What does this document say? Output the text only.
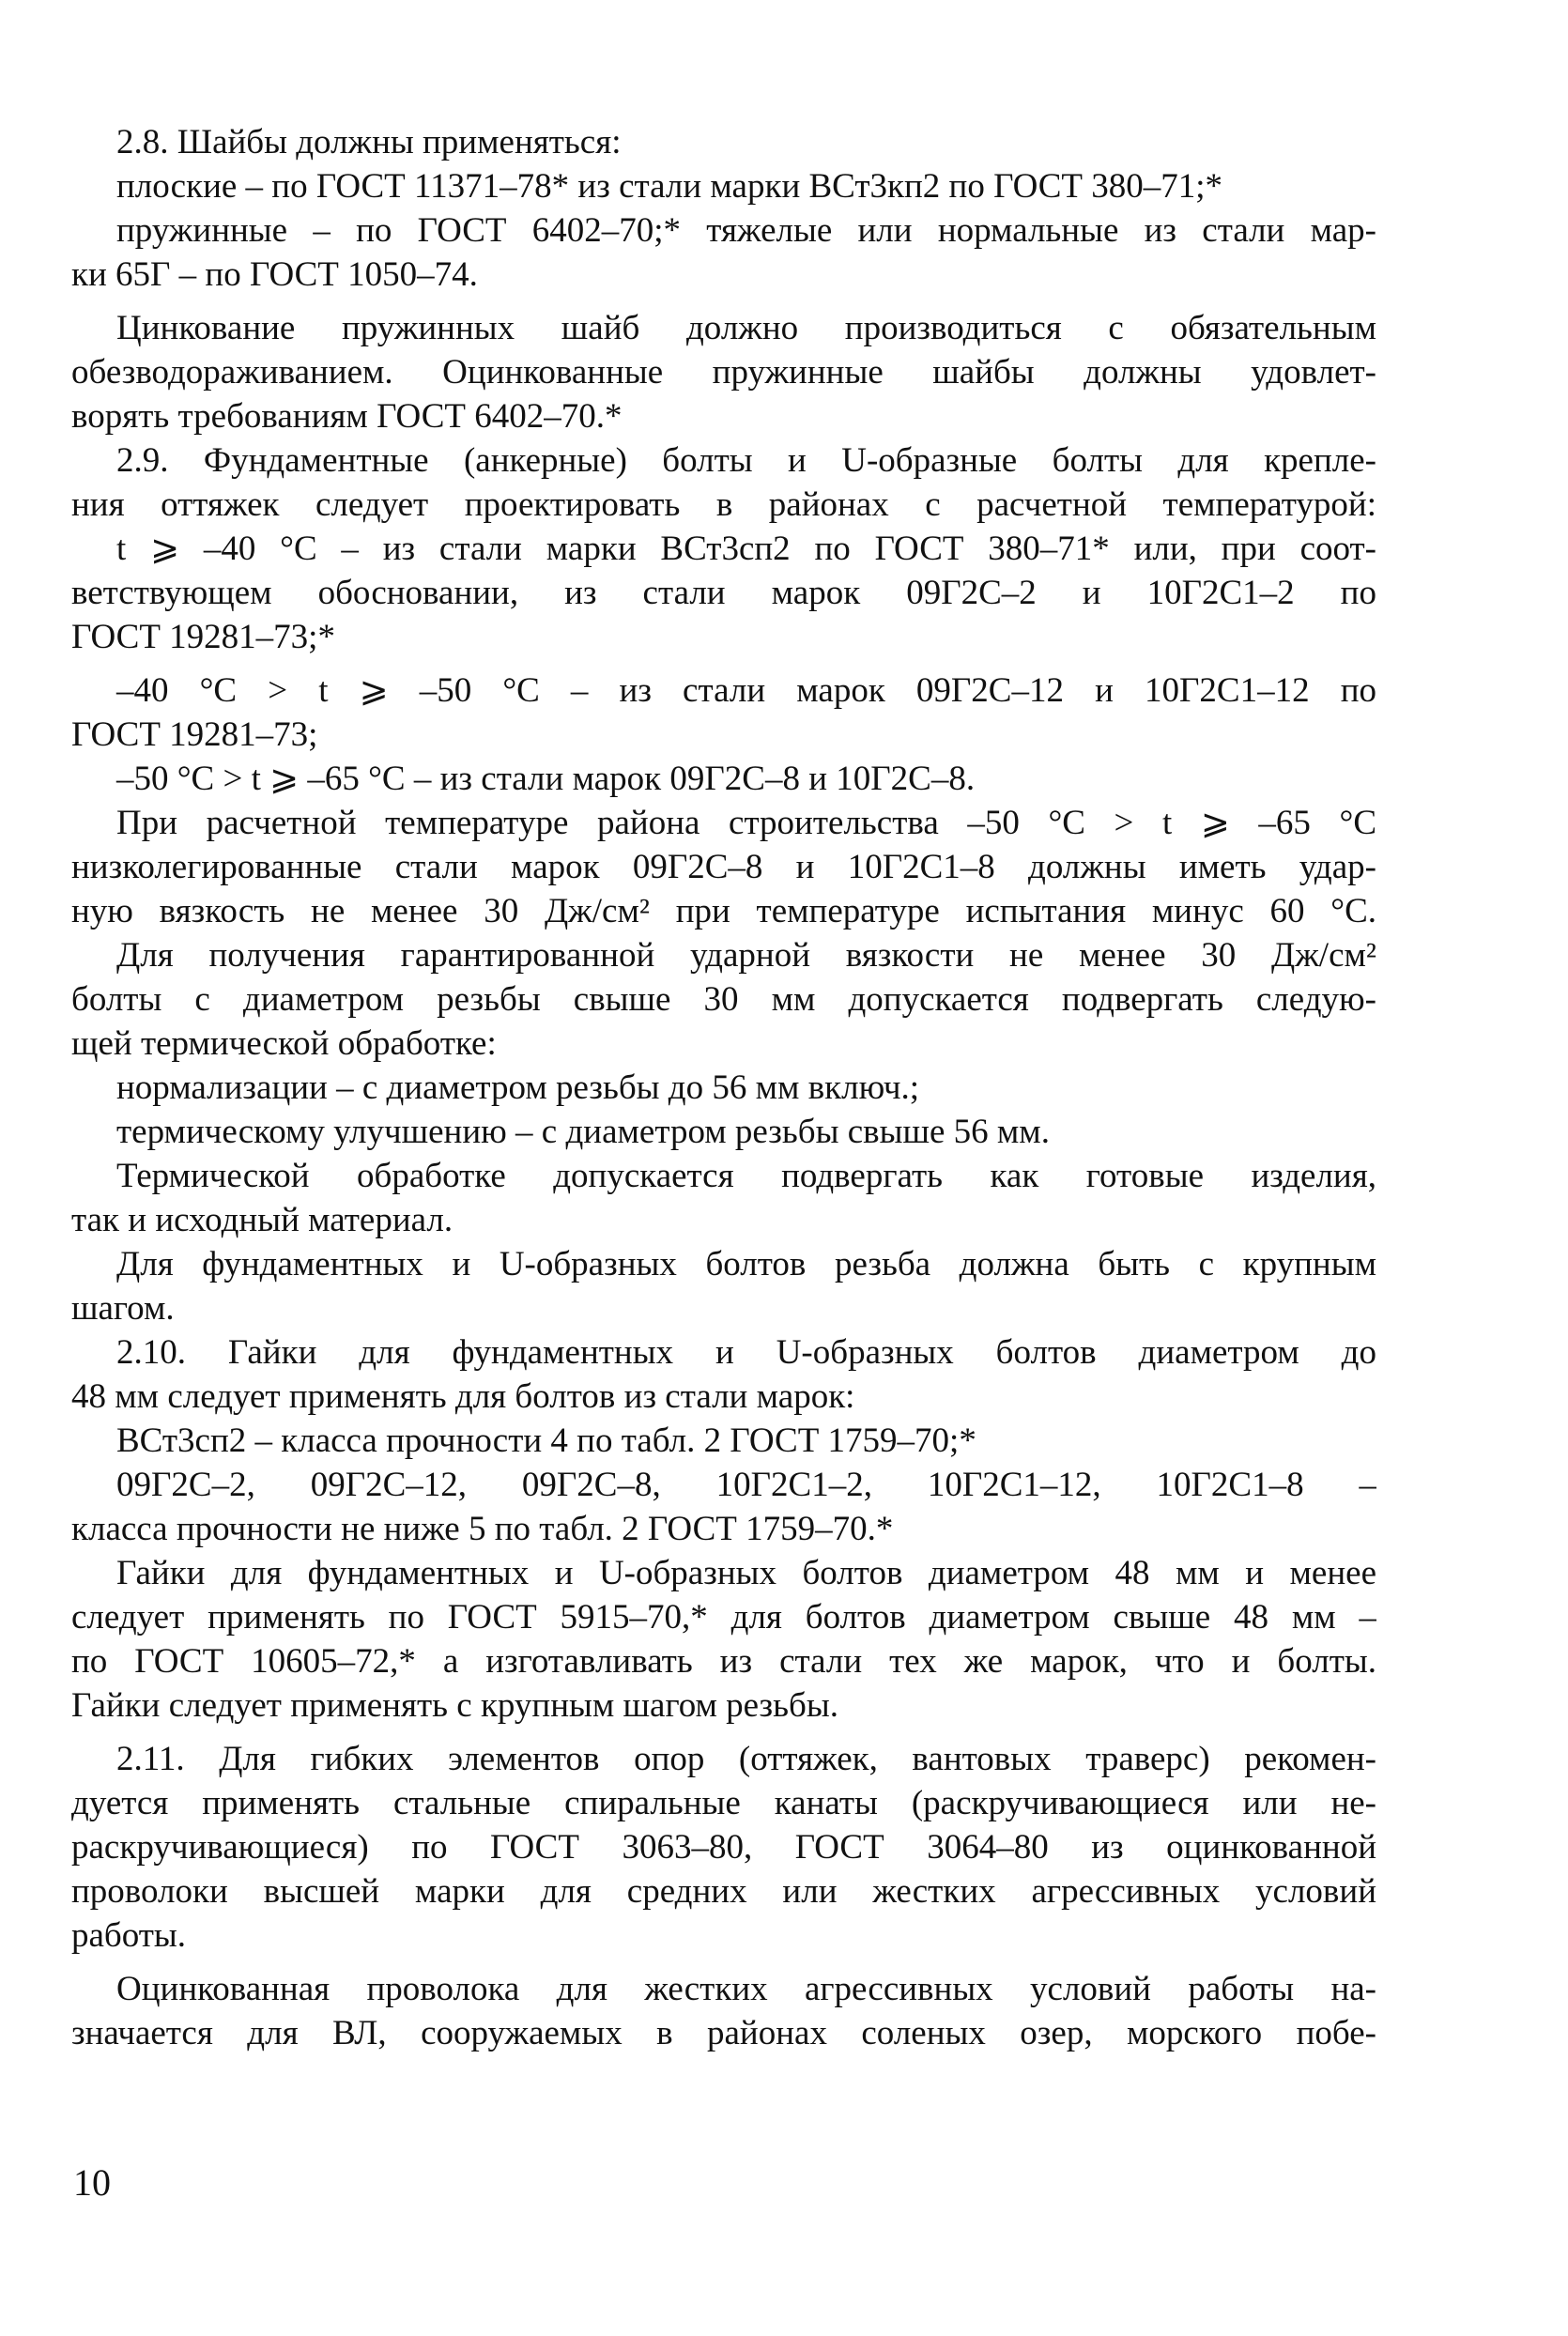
2.8. Шайбы должны применяться:
плоские – по ГОСТ 11371–78* из стали марки ВСт3кп2 по ГОСТ 380–71;*
пружинные – по ГОСТ 6402–70;* тяжелые или нормальные из стали мар-
ки 65Г – по ГОСТ 1050–74.
Цинкование пружинных шайб должно производиться с обязательным
обезводораживанием. Оцинкованные пружинные шайбы должны удовлет-
ворять требованиям ГОСТ 6402–70.*
2.9. Фундаментные (анкерные) болты и U-образные болты для крепле-
ния оттяжек следует проектировать в районах с расчетной температурой:
t ⩾ –40 °С – из стали марки ВСт3сп2 по ГОСТ 380–71* или, при соот-
ветствующем обосновании, из стали марок 09Г2С–2 и 10Г2С1–2 по
ГОСТ 19281–73;*
–40 °С > t ⩾ –50 °С – из стали марок 09Г2С–12 и 10Г2С1–12 по
ГОСТ 19281–73;
–50 °С > t ⩾ –65 °С – из стали марок 09Г2С–8 и 10Г2С–8.
При расчетной температуре района строительства –50 °С > t ⩾ –65 °С
низколегированные стали марок 09Г2С–8 и 10Г2С1–8 должны иметь удар-
ную вязкость не менее 30 Дж/см² при температуре испытания минус 60 °С.
Для получения гарантированной ударной вязкости не менее 30 Дж/см²
болты с диаметром резьбы свыше 30 мм допускается подвергать следую-
щей термической обработке:
нормализации – с диаметром резьбы до 56 мм включ.;
термическому улучшению – с диаметром резьбы свыше 56 мм.
Термической обработке допускается подвергать как готовые изделия,
так и исходный материал.
Для фундаментных и U-образных болтов резьба должна быть с крупным
шагом.
2.10. Гайки для фундаментных и U-образных болтов диаметром до
48 мм следует применять для болтов из стали марок:
ВСт3сп2 – класса прочности 4 по табл. 2 ГОСТ 1759–70;*
09Г2С–2, 09Г2С–12, 09Г2С–8, 10Г2С1–2, 10Г2С1–12, 10Г2С1–8 –
класса прочности не ниже 5 по табл. 2 ГОСТ 1759–70.*
Гайки для фундаментных и U-образных болтов диаметром 48 мм и менее
следует применять по ГОСТ 5915–70,* для болтов диаметром свыше 48 мм –
по ГОСТ 10605–72,* а изготавливать из стали тех же марок, что и болты.
Гайки следует применять с крупным шагом резьбы.
2.11. Для гибких элементов опор (оттяжек, вантовых траверс) рекомен-
дуется применять стальные спиральные канаты (раскручивающиеся или не-
раскручивающиеся) по ГОСТ 3063–80, ГОСТ 3064–80 из оцинкованной
проволоки высшей марки для средних или жестких агрессивных условий
работы.
Оцинкованная проволока для жестких агрессивных условий работы на-
значается для ВЛ, сооружаемых в районах соленых озер, морского побе-
10
